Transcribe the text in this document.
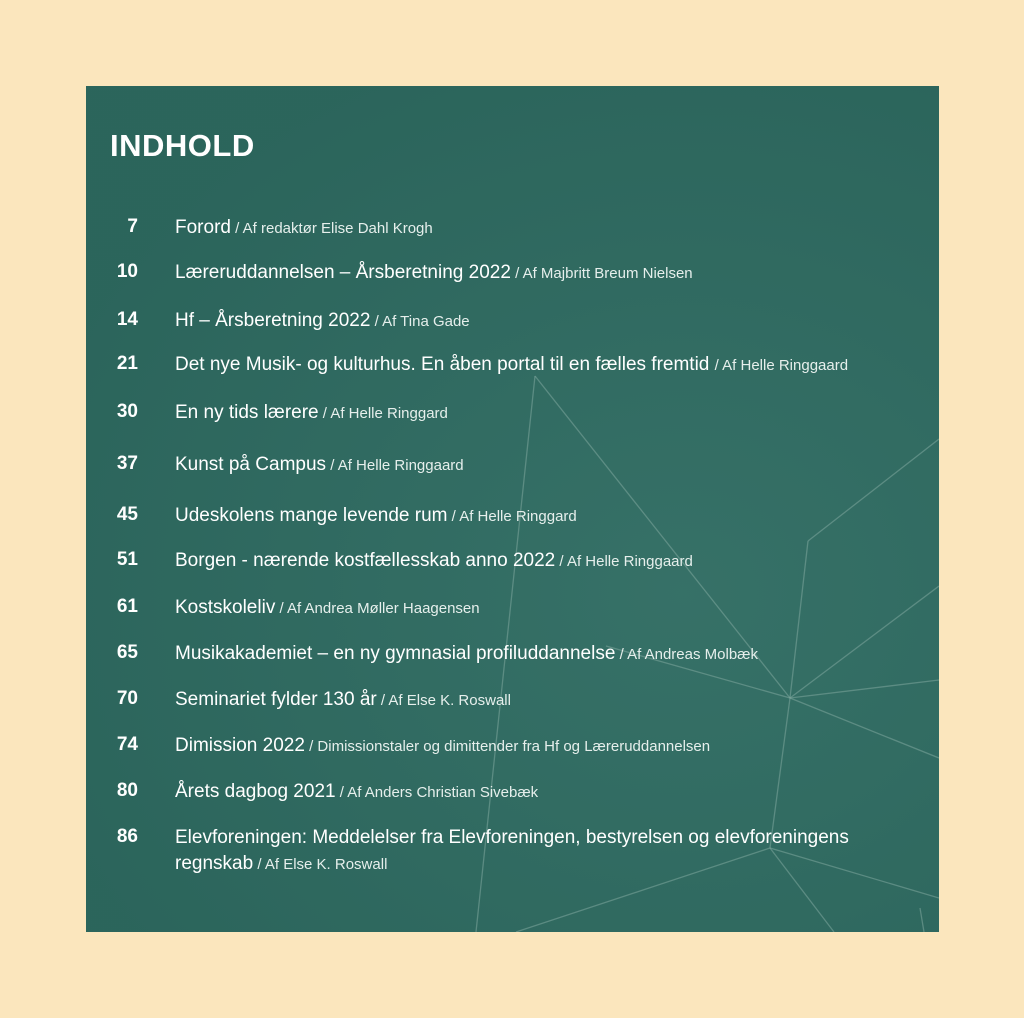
INDHOLD
7 Forord / Af redaktør Elise Dahl Krogh
10 Læreruddannelsen – Årsberetning 2022 / Af Majbritt Breum Nielsen
14 Hf – Årsberetning 2022 / Af Tina Gade
21 Det nye Musik- og kulturhus. En åben portal til en fælles fremtid / Af Helle Ringgaard
30 En ny tids lærere / Af Helle Ringgard
37 Kunst på Campus / Af Helle Ringgaard
45 Udeskolens mange levende rum / Af Helle Ringgard
51 Borgen - nærende kostfællesskab anno 2022 / Af Helle Ringgaard
61 Kostskoleliv / Af Andrea Møller Haagensen
65 Musikakademiet – en ny gymnasial profiluddannelse / Af Andreas Molbæk
70 Seminariet fylder 130 år / Af Else K. Roswall
74 Dimission 2022 / Dimissionstaler og dimittender fra Hf og Læreruddannelsen
80 Årets dagbog 2021 / Af Anders Christian Sivebæk
86 Elevforeningen: Meddelelser fra Elevforeningen, bestyrelsen og elevforeningens regnskab / Af Else K. Roswall
